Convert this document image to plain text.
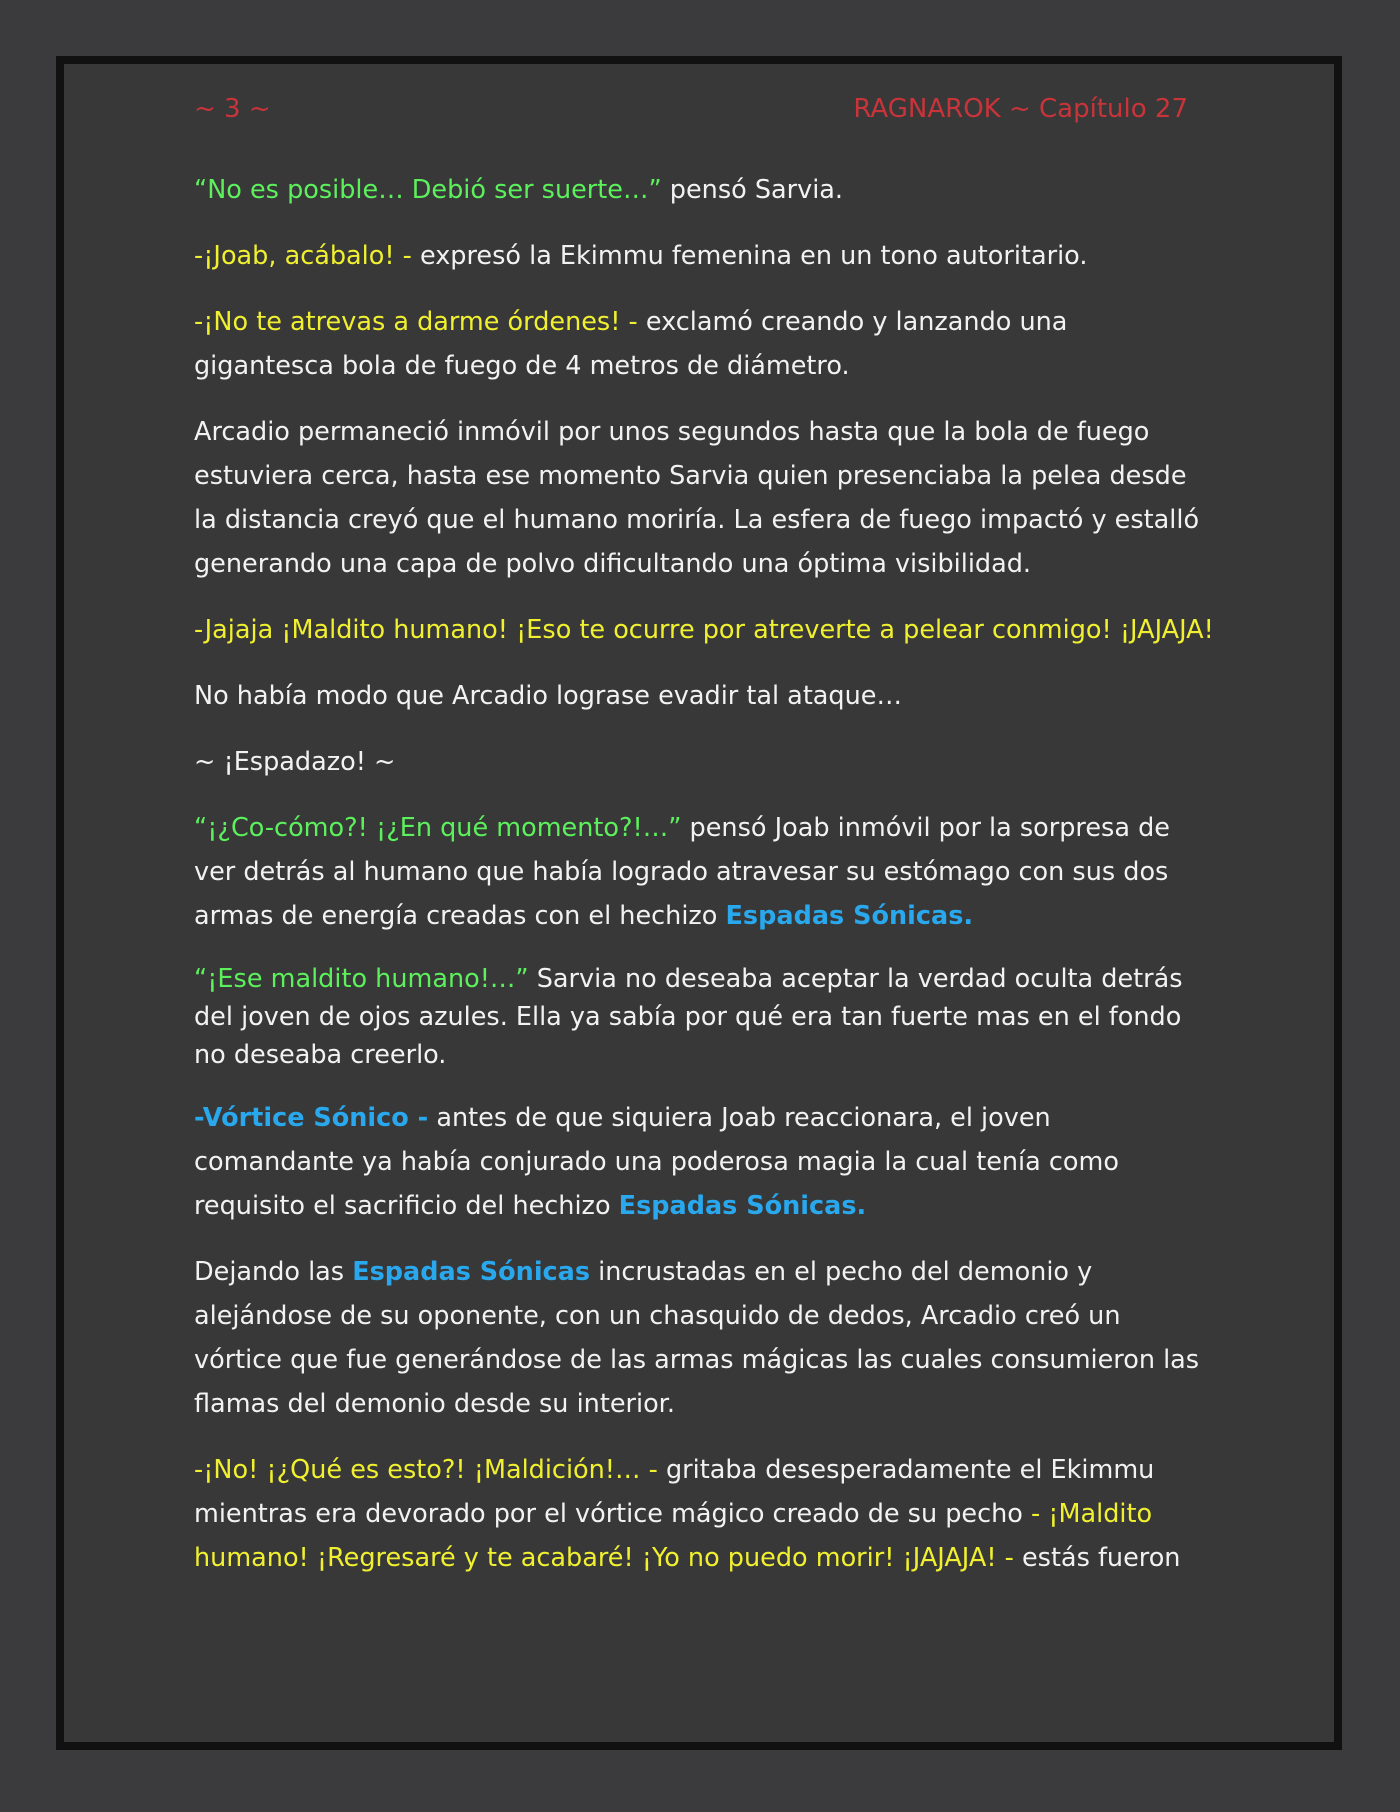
~ 3 ~	RAGNAROK ~ Capítulo 27

“No es posible… Debió ser suerte…” pensó Sarvia.

-¡Joab, acábalo! - expresó la Ekimmu femenina en un tono autoritario.

-¡No te atrevas a darme órdenes! - exclamó creando y lanzando una gigantesca bola de fuego de 4 metros de diámetro.

Arcadio permaneció inmóvil por unos segundos hasta que la bola de fuego estuviera cerca, hasta ese momento Sarvia quien presenciaba la pelea desde la distancia creyó que el humano moriría. La esfera de fuego impactó y estalló generando una capa de polvo dificultando una óptima visibilidad.

-Jajaja ¡Maldito humano! ¡Eso te ocurre por atreverte a pelear conmigo! ¡JAJAJA!

No había modo que Arcadio lograse evadir tal ataque…

~ ¡Espadazo! ~

“¡¿Co-cómo?! ¡¿En qué momento?!…” pensó Joab inmóvil por la sorpresa de ver detrás al humano que había logrado atravesar su estómago con sus dos armas de energía creadas con el hechizo Espadas Sónicas.

“¡Ese maldito humano!…” Sarvia no deseaba aceptar la verdad oculta detrás del joven de ojos azules. Ella ya sabía por qué era tan fuerte mas en el fondo no deseaba creerlo.

-Vórtice Sónico - antes de que siquiera Joab reaccionara, el joven comandante ya había conjurado una poderosa magia la cual tenía como requisito el sacrificio del hechizo Espadas Sónicas.

Dejando las Espadas Sónicas incrustadas en el pecho del demonio y alejándose de su oponente, con un chasquido de dedos, Arcadio creó un vórtice que fue generándose de las armas mágicas las cuales consumieron las flamas del demonio desde su interior.

-¡No! ¡¿Qué es esto?! ¡Maldición!… - gritaba desesperadamente el Ekimmu mientras era devorado por el vórtice mágico creado de su pecho - ¡Maldito humano! ¡Regresaré y te acabaré! ¡Yo no puedo morir! ¡JAJAJA! - estás fueron
